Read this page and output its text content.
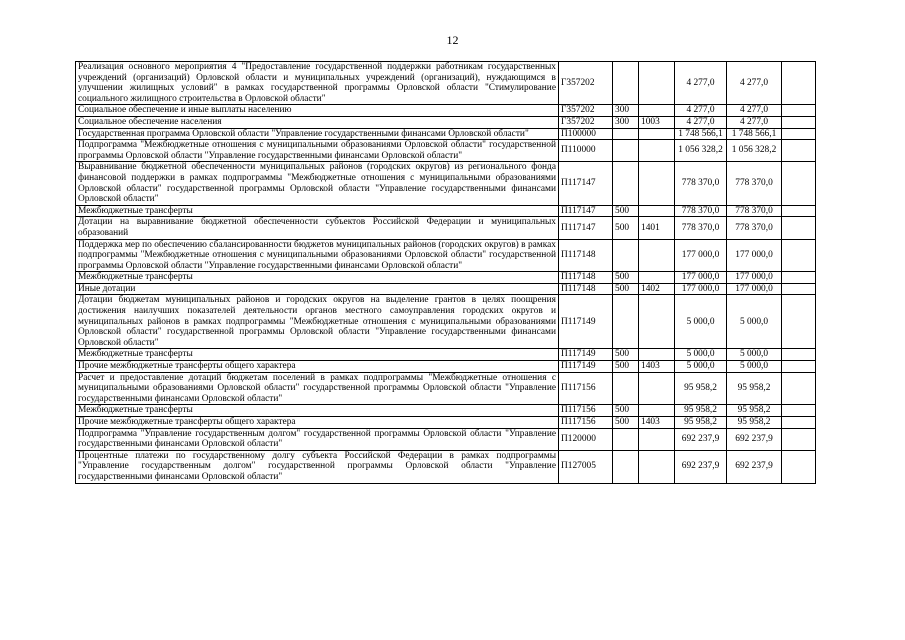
12
Реализация основного мероприятия 4 "Предоставление государственной поддержки работникам государственных учреждений (организаций) Орловской области и муниципальных учреждений (организаций), нуждающимся в улучшении жилищных условий" в рамках государственной программы Орловской области "Стимулирование социального жилищного строительства в Орловской области"	Г357202			4 277,0	4 277,0	
Социальное обеспечение и иные выплаты населению	Г357202	300		4 277,0	4 277,0	
Социальное обеспечение населения	Г357202	300	1003	4 277,0	4 277,0	
Государственная программа Орловской области "Управление государственными финансами Орловской области"	П100000			1 748 566,1	1 748 566,1	
Подпрограмма "Межбюджетные отношения с муниципальными образованиями Орловской области" государственной программы Орловской области "Управление государственными финансами Орловской области"	П110000			1 056 328,2	1 056 328,2	
Выравнивание бюджетной обеспеченности муниципальных районов (городских округов) из регионального фонда финансовой поддержки в рамках подпрограммы "Межбюджетные отношения с муниципальными образованиями Орловской области" государственной программы Орловской области "Управление государственными финансами Орловской области"	П117147			778 370,0	778 370,0	
Межбюджетные трансферты	П117147	500		778 370,0	778 370,0	
Дотации на выравнивание бюджетной обеспеченности субъектов Российской Федерации и муниципальных образований	П117147	500	1401	778 370,0	778 370,0	
Поддержка мер по обеспечению сбалансированности бюджетов муниципальных районов (городских округов) в рамках подпрограммы "Межбюджетные отношения с муниципальными образованиями Орловской области" государственной программы Орловской области "Управление государственными финансами Орловской области"	П117148			177 000,0	177 000,0	
Межбюджетные трансферты	П117148	500		177 000,0	177 000,0	
Иные дотации	П117148	500	1402	177 000,0	177 000,0	
Дотации бюджетам муниципальных районов и городских округов на выделение грантов в целях поощрения достижения наилучших показателей деятельности органов местного самоуправления городских округов и муниципальных районов в рамках подпрограммы "Межбюджетные отношения с муниципальными образованиями Орловской области" государственной программы Орловской области "Управление государственными финансами Орловской области"	П117149			5 000,0	5 000,0	
Межбюджетные трансферты	П117149	500		5 000,0	5 000,0	
Прочие межбюджетные трансферты общего характера	П117149	500	1403	5 000,0	5 000,0	
Расчет и предоставление дотаций бюджетам поселений в рамках подпрограммы "Межбюджетные отношения с муниципальными образованиями Орловской области" государственной программы Орловской области "Управление государственными финансами Орловской области"	П117156			95 958,2	95 958,2	
Межбюджетные трансферты	П117156	500		95 958,2	95 958,2	
Прочие межбюджетные трансферты общего характера	П117156	500	1403	95 958,2	95 958,2	
Подпрограмма "Управление государственным долгом" государственной программы Орловской области "Управление государственными финансами Орловской области"	П120000			692 237,9	692 237,9	
Процентные платежи по государственному долгу субъекта Российской Федерации в рамках подпрограммы "Управление государственным долгом" государственной программы Орловской области "Управление государственными финансами Орловской области"	П127005			692 237,9	692 237,9	
